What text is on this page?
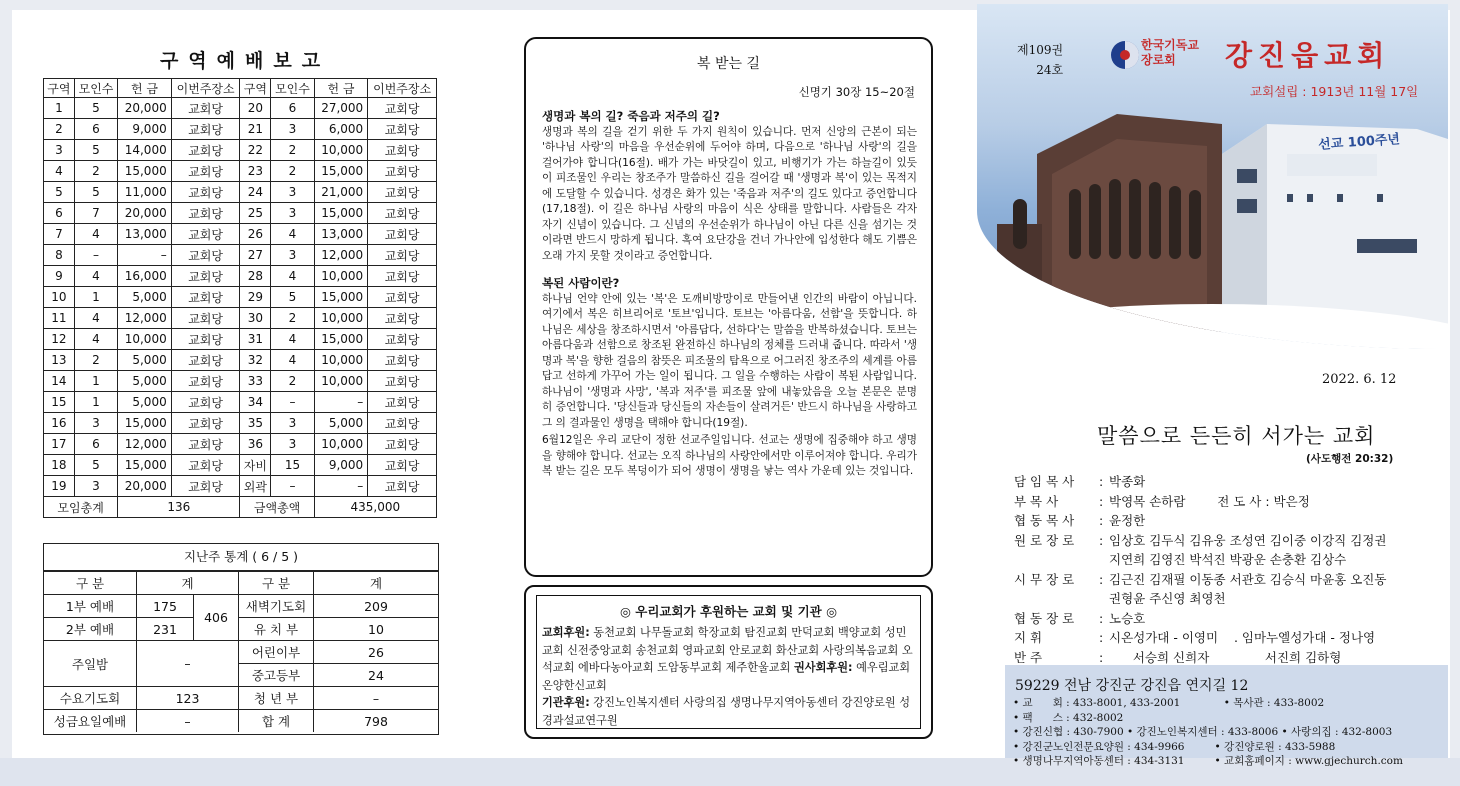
구역예배보고
구역	모인수	헌 금	이번주장소	구역	모인수	헌 금	이번주장소
1	5	20,000	교회당	20	6	27,000	교회당
2	6	9,000	교회당	21	3	6,000	교회당
3	5	14,000	교회당	22	2	10,000	교회당
4	2	15,000	교회당	23	2	15,000	교회당
5	5	11,000	교회당	24	3	21,000	교회당
6	7	20,000	교회당	25	3	15,000	교회당
7	4	13,000	교회당	26	4	13,000	교회당
8	–	–	교회당	27	3	12,000	교회당
9	4	16,000	교회당	28	4	10,000	교회당
10	1	5,000	교회당	29	5	15,000	교회당
11	4	12,000	교회당	30	2	10,000	교회당
12	4	10,000	교회당	31	4	15,000	교회당
13	2	5,000	교회당	32	4	10,000	교회당
14	1	5,000	교회당	33	2	10,000	교회당
15	1	5,000	교회당	34	–	–	교회당
16	3	15,000	교회당	35	3	5,000	교회당
17	6	12,000	교회당	36	3	10,000	교회당
18	5	15,000	교회당	자비	15	9,000	교회당
19	3	20,000	교회당	외곽	–	–	교회당
모임총계		136		금액총액		435,000	
지난주 통계 ( 6 / 5 )
구 분	계		구 분	계
1부 예배	175	406	새벽기도회	209
2부 예배	231		유 치 부	10
주일밤	–		어린이부	26
			중고등부	24
수요기도회	123		청 년 부	–
성금요일예배	–		합 계	798
복 받는 길
신명기 30장 15~20절
생명과 복의 길? 죽음과 저주의 길?

생명과 복의 길을 걷기 위한 두 가지 원칙이 있습니다. 먼저 신앙의 근본이 되는 '하나님 사랑'의 마음을 우선순위에 두어야 하며, 다음으로 '하나님 사랑'의 길을 걸어가야 합니다(16절). 배가 가는 바닷길이 있고, 비행기가 가는 하늘길이 있듯이 피조물인 우리는 창조주가 말씀하신 길을 걸어갈 때 '생명과 복'이 있는 목적지에 도달할 수 있습니다. 성경은 화가 있는 '죽음과 저주'의 길도 있다고 증언합니다(17,18절). 이 길은 하나님 사랑의 마음이 식은 상태를 말합니다. 사람들은 각자 자기 신념이 있습니다. 그 신념의 우선순위가 하나님이 아닌 다른 신을 섬기는 것이라면 반드시 망하게 됩니다. 혹여 요단강을 건너 가나안에 입성한다 해도 기쁨은 오래 가지 못할 것이라고 증언합니다.

복된 사람이란?

하나님 언약 안에 있는 '복'은 도깨비방망이로 만들어낸 인간의 바람이 아닙니다. 여기에서 복은 히브리어로 '토브'입니다. 토브는 '아름다움, 선함'을 뜻합니다. 하나님은 세상을 창조하시면서 '아름답다, 선하다'는 말씀을 반복하셨습니다. 토브는 아름다움과 선함으로 창조된 완전하신 하나님의 정체를 드러내 줍니다. 따라서 '생명과 복'을 향한 걸음의 참뜻은 피조물의 탐욕으로 어그러진 창조주의 세계를 아름답고 선하게 가꾸어 가는 일이 됩니다. 그 일을 수행하는 사람이 복된 사람입니다. 하나님이 '생명과 사망', '복과 저주'를 피조물 앞에 내놓았음을 오늘 본문은 분명히 증언합니다. '당신들과 당신들의 자손들이 살려거든' 반드시 하나님을 사랑하고 그 의 결과물인 생명을 택해야 합니다(19절).

6월12일은 우리 교단이 정한 선교주일입니다. 선교는 생명에 집중해야 하고 생명을 향해야 합니다. 선교는 오직 하나님의 사랑안에서만 이루어져야 합니다. 우리가 복 받는 길은 모두 복덩이가 되어 생명이 생명을 낳는 역사 가운데 있는 것입니다.

◎ 우리교회가 후원하는 교회 및 기관 ◎
교회후원: 동천교회 나무돌교회 학장교회 탐진교회 만덕교회 백양교회 성민교회 신전중앙교회 송천교회 영파교회 안로교회 화산교회 사랑의복음교회 오석교회 에바다농아교회 도암동부교회 제주한울교회 권사회후원: 예우림교회 온양한신교회
기관후원: 강진노인복지센터 사랑의집 생명나무지역아동센터 강진양로원 성경과설교연구원
제109권
24호
한국기독교
장로회	강진읍교회
교회설립 : 1913년 11월 17일
선교 100주년
2022. 6. 12
말씀으로 든든히 서가는 교회
(사도행전 20:32)
담 임 목 사 : 박종화
부 목 사	: 박영목 손하람        전 도 사 : 박은정
협 동 목 사 : 윤정한
원 로 장 로 : 임상호 김두식 김유웅 조성연 김이중 이강직 김정권
지연희 김영진 박석진 박광운 손충환 김상수
시 무 장 로 : 김근진 김재필 이동종 서관호 김승식 마윤홍 오진동
권형윤 주신영 최영천
협 동 장 로 : 노승호
지 휘	: 시온성가대 - 이영미    . 임마누엘성가대 - 정나영
반 주	:      서승희 신희자              서진희 김하형
59229 전남 강진군 강진읍 연지길 12
• 교      회 : 433-8001, 433-2001             • 목사관 : 433-8002
• 팩      스 : 432-8002
• 강진신협 : 430-7900 • 강진노인복지센터 : 433-8006 • 사랑의집 : 432-8003
• 강진군노인전문요양원 : 434-9966         • 강진양로원 : 433-5988
• 생명나무지역아동센터 : 434-3131         • 교회홈페이지 : www.gjechurch.com
